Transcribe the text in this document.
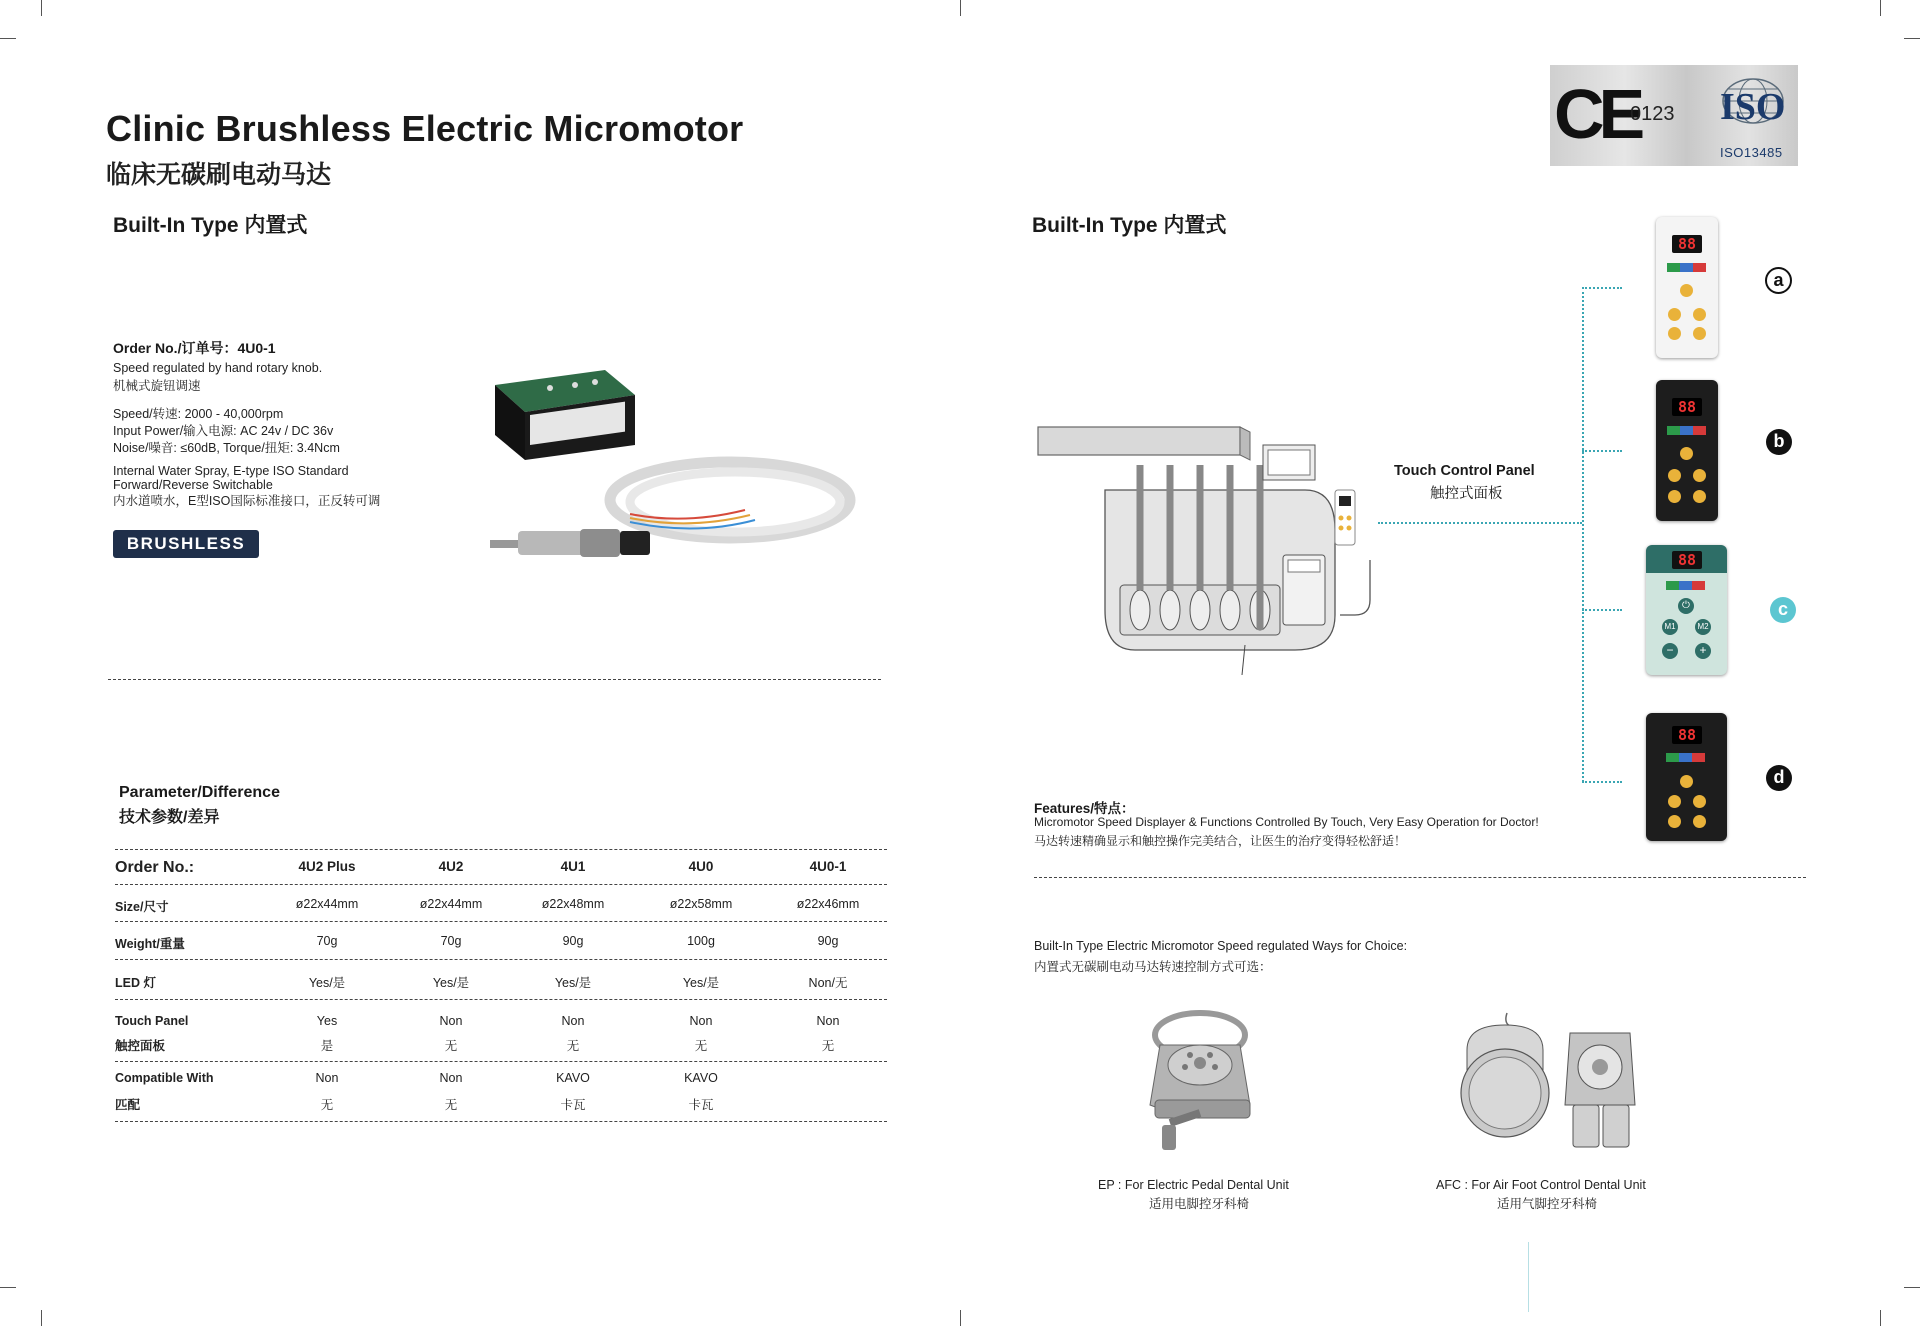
Clinic Brushless Electric Micromotor
临床无碳刷电动马达
CE
0123 ISO
ISO13485
Built-In Type 内置式
Order No./订单号：4U0-1
Speed regulated by hand rotary knob.
机械式旋钮调速
Speed/转速: 2000 - 40,000rpm
Input Power/输入电源: AC 24v / DC 36v
Noise/噪音: ≤60dB, Torque/扭矩: 3.4Ncm
Internal Water Spray, E-type ISO Standard
Forward/Reverse Switchable
内水道喷水，E型ISO国际标准接口，正反转可调
BRUSHLESS
Parameter/Difference
技术参数/差异
Order No.:	4U2 Plus	4U2	4U1	4U0	4U0-1
Size/尺寸	ø22x44mm	ø22x44mm	ø22x48mm	ø22x58mm	ø22x46mm
Weight/重量	70g	70g	90g	100g	90g
LED 灯	Yes/是	Yes/是	Yes/是	Yes/是	Non/无
Touch Panel	Yes	Non	Non	Non	Non
触控面板	是	无	无	无	无
Compatible With	Non	Non	KAVO	KAVO
匹配	无	无	卡瓦	卡瓦
Built-In Type 内置式
Touch Control Panel
触控式面板
88
88
88
⏻
M1	M2
−	+
88
a
b
c
d
Features/特点：
Micromotor Speed Displayer & Functions Controlled By Touch, Very Easy Operation for Doctor!
马达转速精确显示和触控操作完美结合，让医生的治疗变得轻松舒适！
Built-In Type Electric Micromotor Speed regulated Ways for Choice:
内置式无碳刷电动马达转速控制方式可选：
EP : For Electric Pedal Dental Unit
适用电脚控牙科椅
AFC : For Air Foot Control Dental Unit
适用气脚控牙科椅
